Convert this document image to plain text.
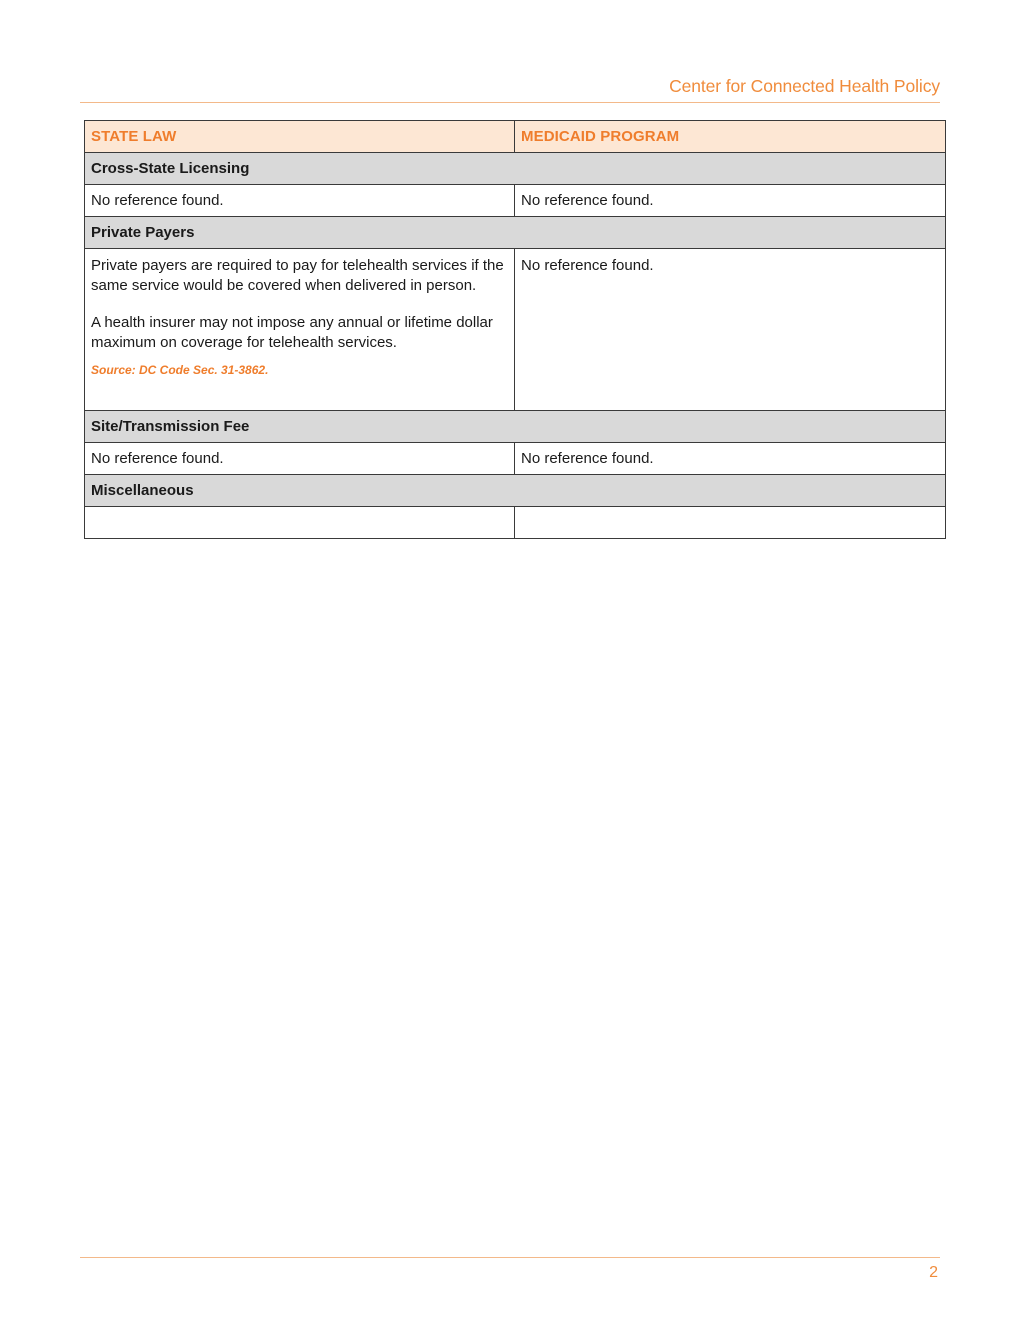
Center for Connected Health Policy
STATE LAW	MEDICAID PROGRAM
Cross-State Licensing	
No reference found.	No reference found.
Private Payers	

Private payers are required to pay for telehealth services if the same service would be covered when delivered in person.

A health insurer may not impose any annual or lifetime dollar maximum on coverage for telehealth services.

Source: DC Code Sec. 31-3862.	No reference found.

Site/Transmission Fee	
No reference found.	No reference found.
Miscellaneous	

2
